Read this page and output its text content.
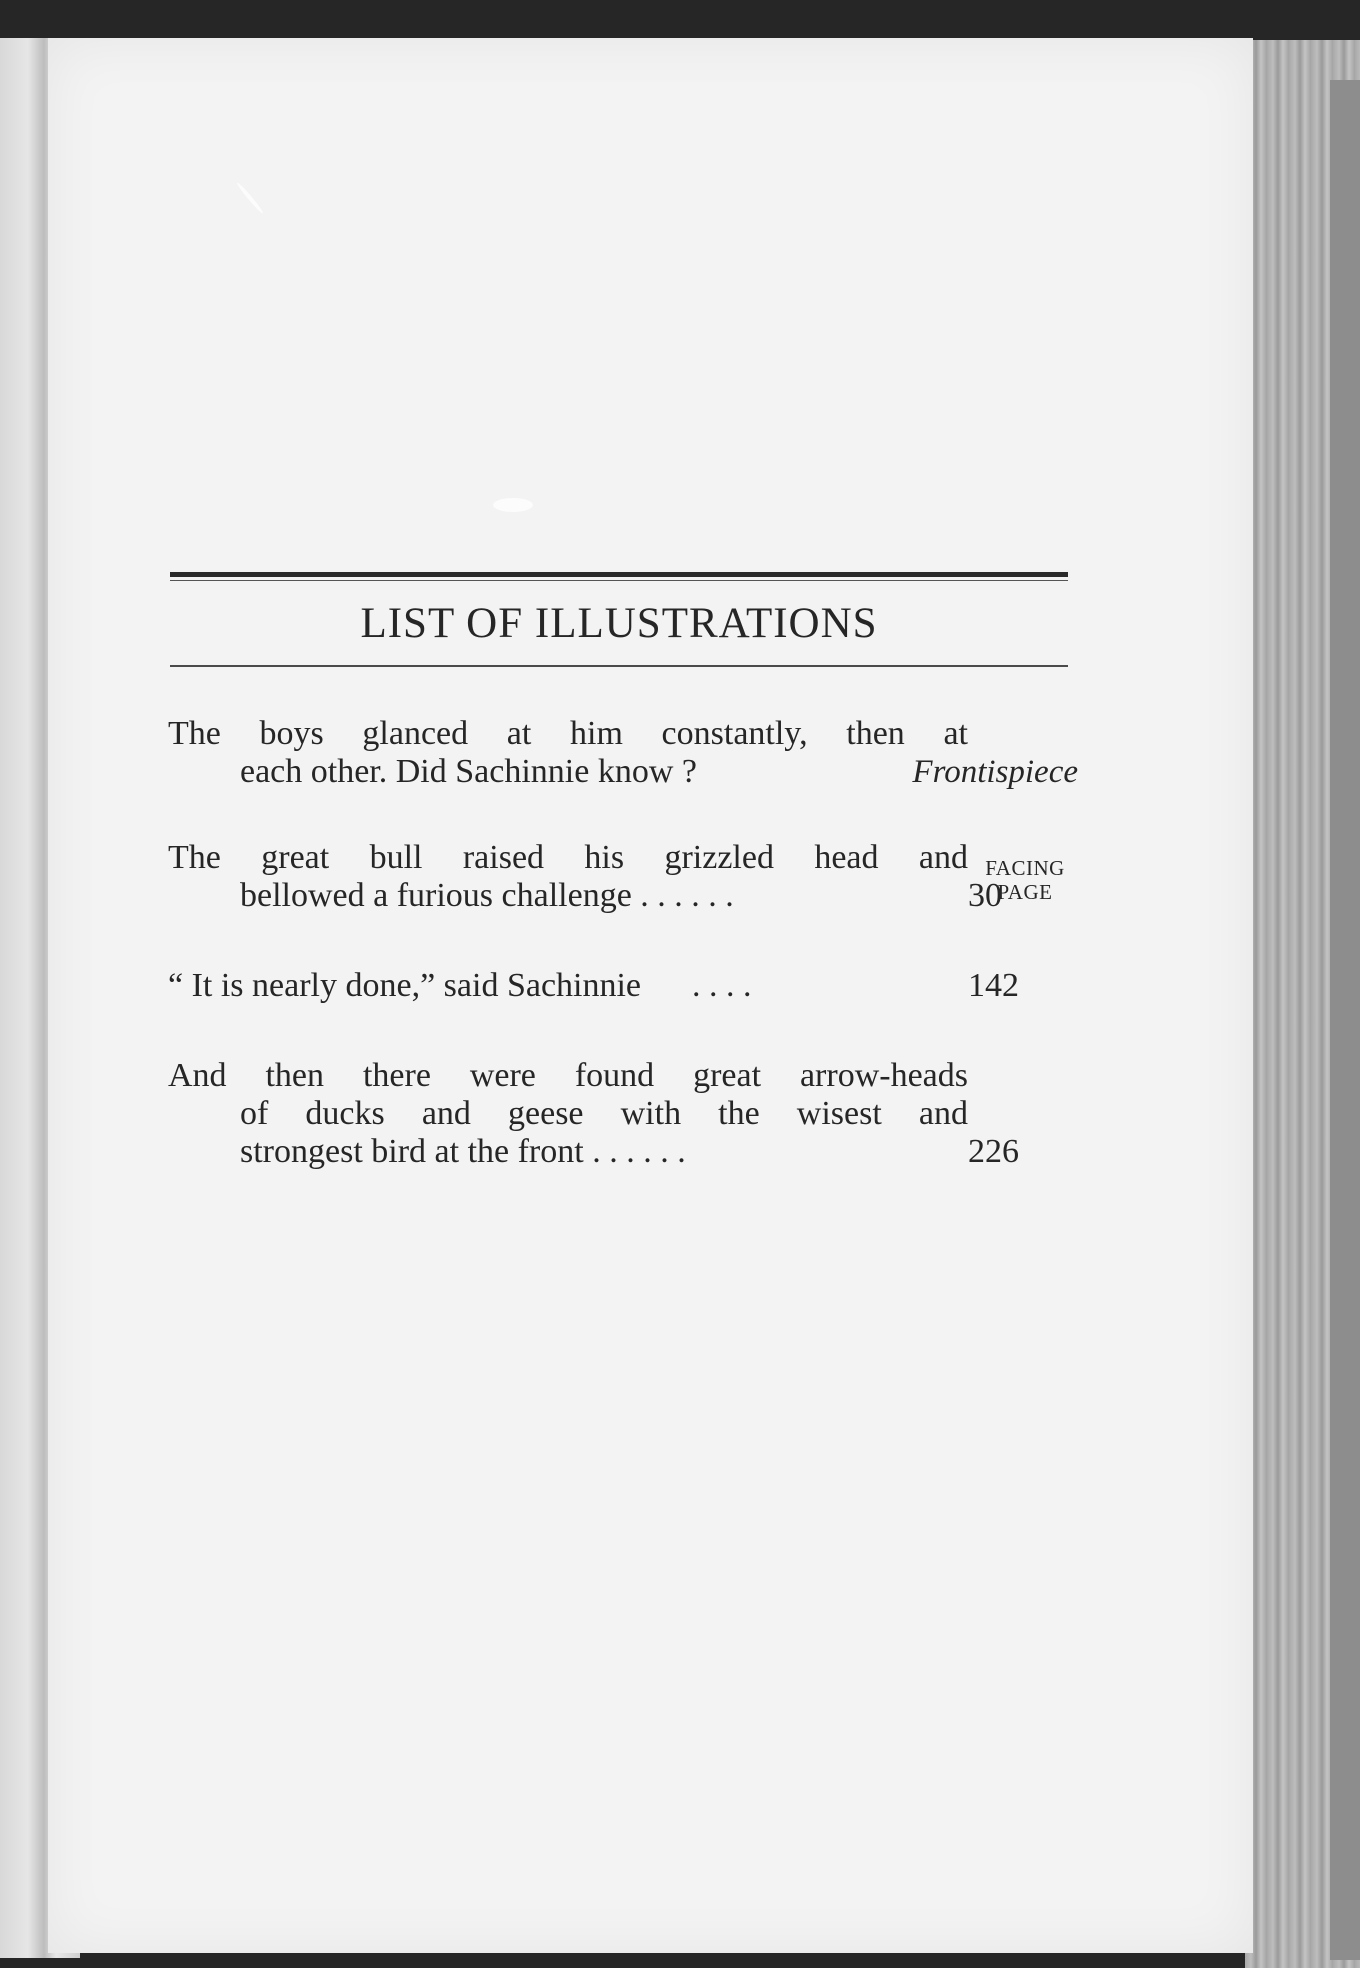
LIST OF ILLUSTRATIONS
The boys glanced at him constantly, then at
each other. Did Sachinnie know ?	Frontispiece
The great bull raised his grizzled head and
bellowed a furious challenge . . . . . .	30
“ It is nearly done,” said Sachinnie      . . . .	142
And then there were found great arrow-heads
of ducks and geese with the wisest and
strongest bird at the front . . . . . .	226
FACING
PAGE
